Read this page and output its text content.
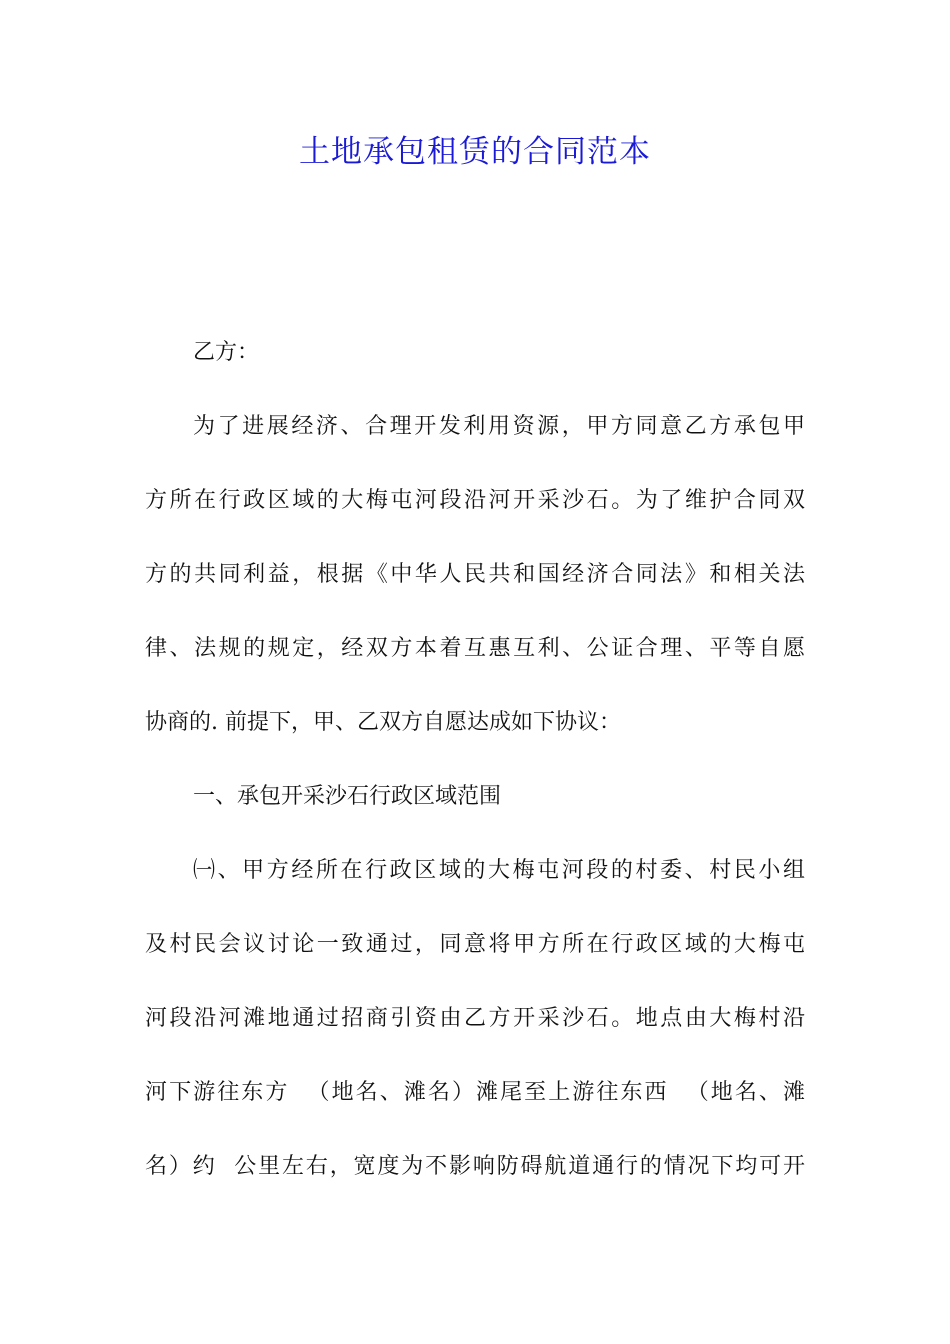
土地承包租赁的合同范本
乙方：
为了进展经济、合理开发利用资源，甲方同意乙方承包甲
方所在行政区域的大梅屯河段沿河开采沙石。为了维护合同双
方的共同利益，根据《中华人民共和国经济合同法》和相关法
律、法规的规定，经双方本着互惠互利、公证合理、平等自愿
协商的. 前提下，甲、乙双方自愿达成如下协议：
一、承包开采沙石行政区域范围
㈠、甲方经所在行政区域的大梅屯河段的村委、村民小组
及村民会议讨论一致通过，同意将甲方所在行政区域的大梅屯
河段沿河滩地通过招商引资由乙方开采沙石。地点由大梅村沿
河下游往东方  （地名、滩名）滩尾至上游往东西  （地名、滩
名）约  公里左右，宽度为不影响防碍航道通行的情况下均可开
